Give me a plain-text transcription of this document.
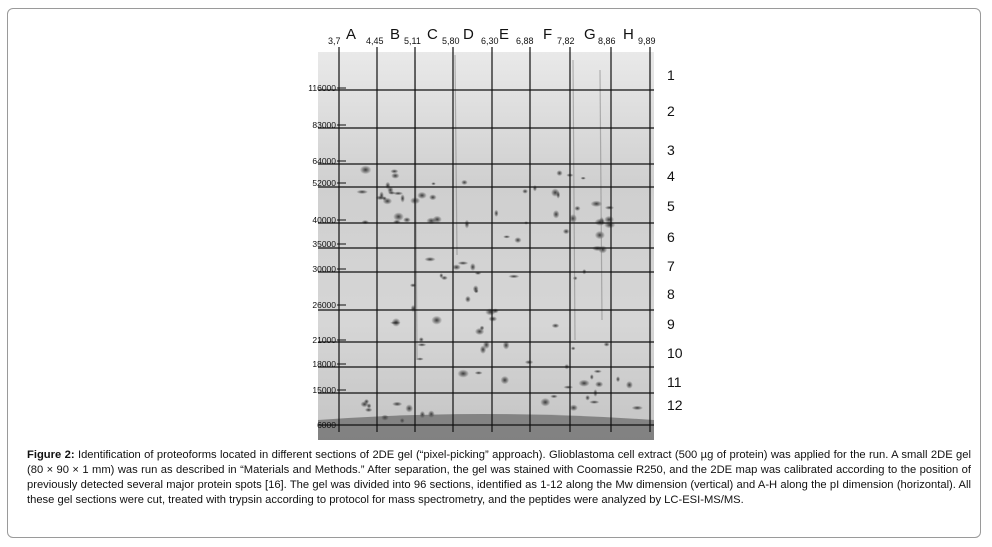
3,7	4,45 5,11 5,80 6,30 6,88	7,82	8,86 9,89
A B C D E F G H
1
2
3
4
5
6
7
8
9
10
11
12
116000
83000
64000
52000
40000
35000
30000
26000
21000
18000
15000
6000
Figure 2: Identification of proteoforms located in different sections of 2DE gel (“pixel-picking” approach). Glioblastoma cell extract (500 µg of protein) was applied for the run. A small 2DE gel (80 × 90 × 1 mm) was run as described in “Materials and Methods.” After separation, the gel was stained with Coomassie R250, and the 2DE map was calibrated according to the position of previously detected several major protein spots [16]. The gel was divided into 96 sections, identified as 1-12 along the Mw dimension (vertical) and A-H along the pI dimension (horizontal). All these gel sections were cut, treated with trypsin according to protocol for mass spectrometry, and the peptides were analyzed by LC-ESI-MS/MS.
